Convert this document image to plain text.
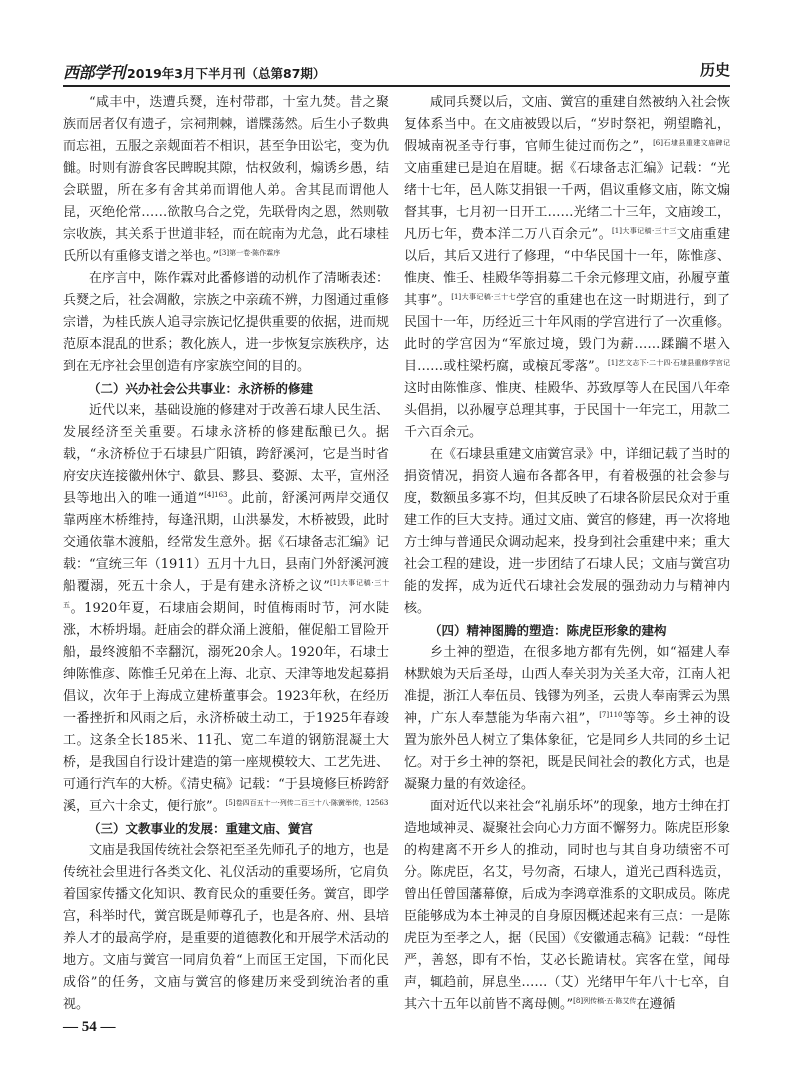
西部学刊 2019年3月下半月刊（总第87期）	历史

“咸丰中，迭遭兵燹，连村带郡，十室九焚。昔之聚族而居者仅有遗孑，宗祠荆棘，谱牒荡然。后生小子数典而忘祖，五服之亲觌面若不相识，甚至争田讼宅，变为仇雠。时则有游食客民睥睨其隙，怙权敛利，煽诱乡愚，结会联盟，所在多有舍其弟而谓他人弟。舍其昆而谓他人昆，灭绝伦常……欲散乌合之党，先联骨肉之恩，然则敬宗收族，其关系于世道非轻，而在皖南为尤急，此石埭桂氏所以有重修支谱之举也。”$^{[3]第一卷\cdot 陈作霖序}$

在序言中，陈作霖对此番修谱的动机作了清晰表述：兵燹之后，社会凋敝，宗族之中亲疏不辨，力图通过重修宗谱，为桂氏族人追寻宗族记忆提供重要的依据，进而规范原本混乱的世系；教化族人，进一步恢复宗族秩序，达到在无序社会里创造有序家族空间的目的。

（二）兴办社会公共事业：永济桥的修建

近代以来，基础设施的修建对于改善石埭人民生活、发展经济至关重要。石埭永济桥的修建酝酿已久。据载，“永济桥位于石埭县广阳镇，跨舒溪河，它是当时省府安庆连接徽州休宁、歙县、黟县、婺源、太平，宣州泾县等地出入的唯一通道”$^{[4]163}$。此前，舒溪河两岸交通仅靠两座木桥维持，每逢汛期，山洪暴发，木桥被毁，此时交通依靠木渡船，经常发生意外。据《石埭备志汇编》记载：“宣统三年（1911）五月十九日，县南门外舒溪河渡船覆溺，死五十余人，于是有建永济桥之议”$^{[1]大事记稿\cdot 三十五}$。1920年夏，石埭庙会期间，时值梅雨时节，河水陡涨，木桥坍塌。赶庙会的群众涌上渡船，催促船工冒险开船，最终渡船不幸翻沉，溺死20余人。1920年，石埭士绅陈惟彦、陈惟壬兄弟在上海、北京、天津等地发起募捐倡议，次年于上海成立建桥董事会。1923年秋，在经历一番挫折和风雨之后，永济桥破土动工，于1925年春竣工。这条全长185米、11孔、宽二车道的钢筋混凝土大桥，是我国自行设计建造的第一座规模较大、工艺先进、可通行汽车的大桥。《清史稿》记载：“于县境修巨桥跨舒溪，亘六十余丈，便行旅”。$^{[5]卷四百五十一\cdot 列传二百三十八\cdot 陈黉举传,12563}$

（三）文教事业的发展：重建文庙、黉宫

文庙是我国传统社会祭祀至圣先师孔子的地方，也是传统社会里进行各类文化、礼仪活动的重要场所，它肩负着国家传播文化知识、教育民众的重要任务。黉宫，即学宫，科举时代，黉宫既是师尊孔子，也是各府、州、县培养人才的最高学府，是重要的道德教化和开展学术活动的地方。文庙与黉宫一同肩负着“上而匡王定国，下而化民成俗”的任务，文庙与黉宫的修建历来受到统治者的重视。

咸同兵燹以后，文庙、黉宫的重建自然被纳入社会恢复体系当中。在文庙被毁以后，“岁时祭祀，朔望瞻礼，假城南祝圣寺行事，官师生徒过而伤之”，$^{[6]石埭县重建文庙碑记}$文庙重建已是迫在眉睫。据《石埭备志汇编》记载：“光绪十七年，邑人陈艾捐银一千两，倡议重修文庙，陈文煽督其事，七月初一日开工……光绪二十三年，文庙竣工，凡历七年，费本洋二万八百余元”。$^{[1]大事记稿\cdot 三十三}$文庙重建以后，其后又进行了修理，“中华民国十一年，陈惟彦、惟庚、惟壬、桂殿华等捐募二千余元修理文庙，孙履亨董其事”。$^{[1]大事记稿\cdot 三十七}$学宫的重建也在这一时期进行，到了民国十一年，历经近三十年风雨的学宫进行了一次重修。此时的学宫因为“军旅过境，毁门为薪……蹂躏不堪入目……或柱梁朽腐，或榱瓦零落”。$^{[1]艺文志下\cdot 二十四\cdot 石埭县重修学宫记}$这时由陈惟彦、惟庚、桂殿华、苏致厚等人在民国八年牵头倡捐，以孙履亨总理其事，于民国十一年完工，用款二千六百余元。

在《石埭县重建文庙黉宫录》中，详细记载了当时的捐资情况，捐资人遍布各都各甲，有着极强的社会参与度，数额虽多寡不均，但其反映了石埭各阶层民众对于重建工作的巨大支持。通过文庙、黉宫的修建，再一次将地方士绅与普通民众调动起来，投身到社会重建中来；重大社会工程的建设，进一步团结了石埭人民；文庙与黉宫功能的发挥，成为近代石埭社会发展的强劲动力与精神内核。

（四）精神图腾的塑造：陈虎臣形象的建构

乡土神的塑造，在很多地方都有先例，如“福建人奉林默娘为天后圣母，山西人奉关羽为关圣大帝，江南人祀准提，浙江人奉伍员、钱镠为列圣，云贵人奉南霁云为黑神，广东人奉慧能为华南六祖”，$^{[7]110}$等等。乡土神的设置为旅外邑人树立了集体象征，它是同乡人共同的乡土记忆。对于乡土神的祭祀，既是民间社会的教化方式，也是凝聚力量的有效途径。

面对近代以来社会“礼崩乐坏”的现象，地方士绅在打造地域神灵、凝聚社会向心力方面不懈努力。陈虎臣形象的构建离不开乡人的推动，同时也与其自身功绩密不可分。陈虎臣，名艾，号勿斋，石埭人，道光己酉科选贡，曾出任曾国藩幕僚，后成为李鸿章淮系的文职成员。陈虎臣能够成为本土神灵的自身原因概述起来有三点：一是陈虎臣为至孝之人，据（民国）《安徽通志稿》记载：“母性严，善怒，即有不怡，艾必长跪请杖。宾客在堂，闻母声，辄趋前，屏息坐……（艾）光绪甲午年八十七卒，自其六十五年以前皆不离母侧。”$^{[8]列传稿\cdot 五\cdot 陈艾传}$在遵循

— 54 —
